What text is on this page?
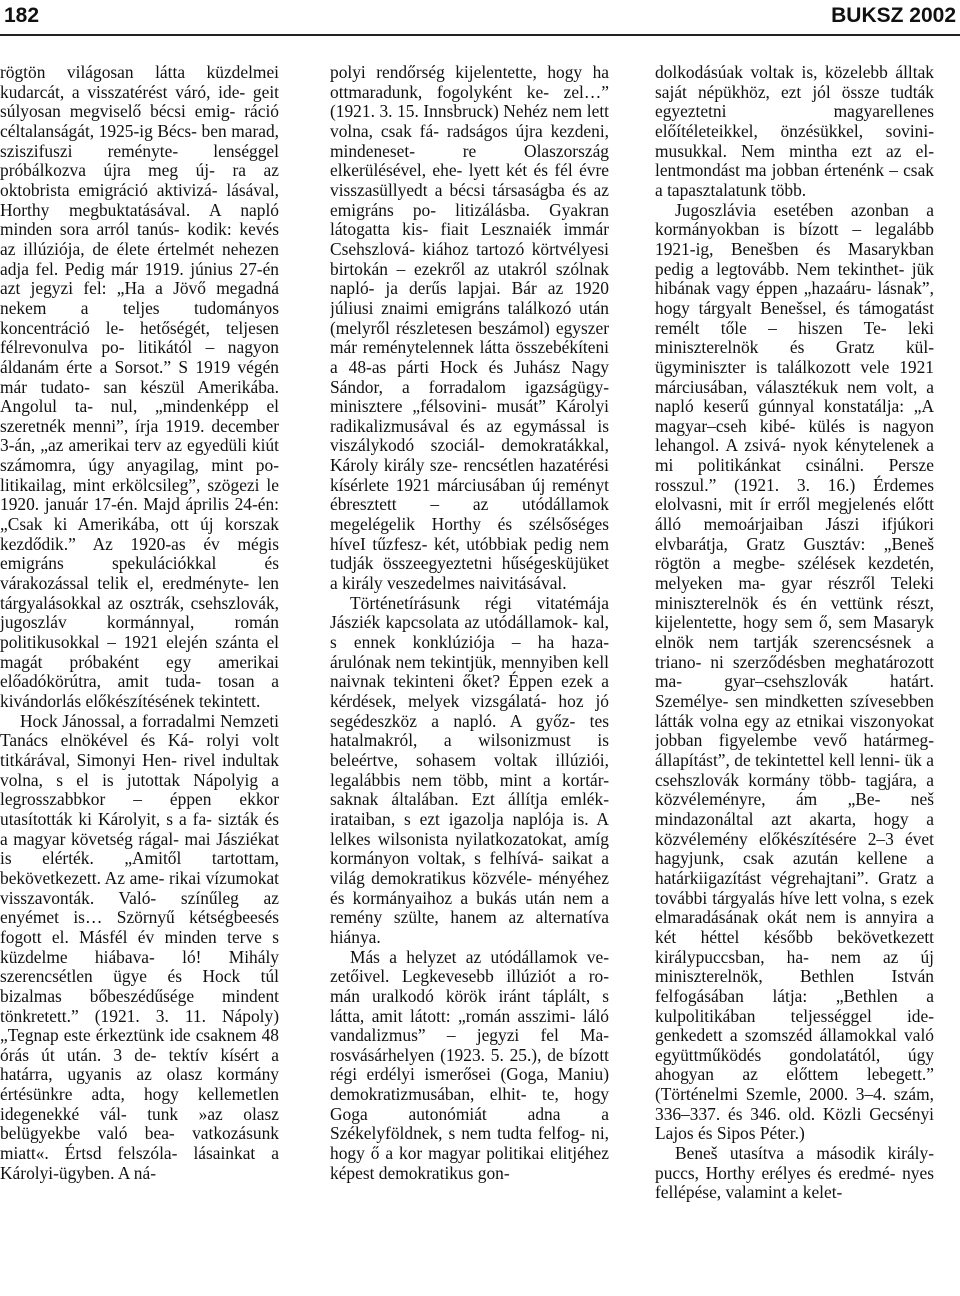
182	BUKSZ 2002

rögtön világosan látta küzdelmei kudarcát, a visszatérést váró, ide- geit súlyosan megviselő bécsi emig- ráció céltalanságát, 1925-ig Bécs- ben marad, sziszifuszi reményte- lenséggel próbálkozva újra meg új- ra az oktobrista emigráció aktivizá- lásával, Horthy megbuktatásával. A napló minden sora arról tanús- kodik: kevés az illúziója, de élete értelmét nehezen adja fel. Pedig már 1919. június 27-én azt jegyzi fel: „Ha a Jövő megadná nekem a teljes tudományos koncentráció le- hetőségét, teljesen félrevonulva po- litikától – nagyon áldanám érte a Sorsot.” S 1919 végén már tudato- san készül Amerikába. Angolul ta- nul, „mindenképp el szeretnék menni”, írja 1919. december 3-án, „az amerikai terv az egyedüli kiút számomra, úgy anyagilag, mint po- litikailag, mint erkölcsileg”, szögezi le 1920. január 17-én. Majd április 24-én: „Csak ki Amerikába, ott új korszak kezdődik.” Az 1920-as év mégis emigráns spekulációkkal és várakozással telik el, eredményte- len tárgyalásokkal az osztrák, csehszlovák, jugoszláv kormánnyal, román politikusokkal – 1921 elején szánta el magát próbaként egy amerikai előadókörútra, amit tuda- tosan a kivándorlás előkészítésének tekintett.

Hock Jánossal, a forradalmi Nemzeti Tanács elnökével és Ká- rolyi volt titkárával, Simonyi Hen- rivel indultak volna, s el is jutottak Nápolyig a legrosszabbkor – éppen ekkor utasították ki Károlyit, s a fa- sizták és a magyar követség rágal- mai Jásziékat is elérték. „Amitől tartottam, bekövetkezett. Az ame- rikai vízumokat visszavonták. Való- színűleg az enyémet is… Szörnyű kétségbeesés fogott el. Másfél év minden terve s küzdelme hiábava- ló! Mihály szerencsétlen ügye és Hock túl bizalmas bőbeszédűsége mindent tönkretett.” (1921. 3. 11. Nápoly) „Tegnap este érkeztünk ide csaknem 48 órás út után. 3 de- tektív kísért a határra, ugyanis az olasz kormány értésünkre adta, hogy kellemetlen idegenekké vál- tunk »az olasz belügyekbe való bea- vatkozásunk miatt«. Értsd felszóla- lásainkat a Károlyi-ügyben. A ná-

polyi rendőrség kijelentette, hogy ha ottmaradunk, fogolyként ke- zel…” (1921. 3. 15. Innsbruck) Nehéz nem lett volna, csak fá- radságos újra kezdeni, mindeneset- re Olaszország elkerülésével, ehe- lyett két és fél évre visszasüllyedt a bécsi társaságba és az emigráns po- litizálásba. Gyakran látogatta kis- fiait Lesznaiék immár Csehszlová- kiához tartozó körtvélyesi birtokán – ezekről az utakról szólnak napló- ja derűs lapjai. Bár az 1920 júliusi znaimi emigráns találkozó után (melyről részletesen beszámol) egyszer már reménytelennek látta összebékíteni a 48-as párti Hock és Juhász Nagy Sándor, a forradalom igazságügy-minisztere „félsovini- musát” Károlyi radikalizmusával és az egymással is viszálykodó szociál- demokratákkal, Károly király sze- rencsétlen hazatérési kísérlete 1921 márciusában új reményt ébresztett – az utódállamok megelégelik Horthy és szélsőséges híveI tűzfesz- két, utóbbiak pedig nem tudják összeegyeztetni hűségesküjüket a király veszedelmes naivitásával.

Történetírásunk régi vitatémája Jásziék kapcsolata az utódállamok- kal, s ennek konklúziója – ha haza- árulónak nem tekintjük, mennyiben kell naivnak tekinteni őket? Éppen ezek a kérdések, melyek vizsgálatá- hoz jó segédeszköz a napló. A győz- tes hatalmakról, a wilsonizmust is beleértve, sohasem voltak illúziói, legalábbis nem több, mint a kortár- saknak általában. Ezt állítja emlék- irataiban, s ezt igazolja naplója is. A lelkes wilsonista nyilatkozatokat, amíg kormányon voltak, s felhívá- saikat a világ demokratikus közvéle- ményéhez és kormányaihoz a bukás után nem a remény szülte, hanem az alternatíva hiánya.

Más a helyzet az utódállamok ve- zetőivel. Legkevesebb illúziót a ro- mán uralkodó körök iránt táplált, s látta, amit látott: „román asszimi- láló vandalizmus” – jegyzi fel Ma- rosvásárhelyen (1923. 5. 25.), de bízott régi erdélyi ismerősei (Goga, Maniu) demokratizmusában, elhit- te, hogy Goga autonómiát adna a Székelyföldnek, s nem tudta felfog- ni, hogy ő a kor magyar politikai elitjéhez képest demokratikus gon-

dolkodásúak voltak is, közelebb álltak saját népükhöz, ezt jól össze tudták egyeztetni magyarellenes előítéleteikkel, önzésükkel, sovini- musukkal. Nem mintha ezt az el- lentmondást ma jobban értenénk – csak a tapasztalatunk több.

Jugoszlávia esetében azonban a kormányokban is bízott – legalább 1921-ig, Benešben és Masarykban pedig a legtovább. Nem tekinthet- jük hibának vagy éppen „hazaáru- lásnak”, hogy tárgyalt Benešsel, és támogatást remélt tőle – hiszen Te- leki miniszterelnök és Gratz kül- ügyminiszter is találkozott vele 1921 márciusában, választékuk nem volt, a napló keserű gúnnyal konstatálja: „A magyar–cseh kibé- külés is nagyon lehangol. A zsivá- nyok kénytelenek a mi politikánkat csinálni. Persze rosszul.” (1921. 3. 16.) Érdemes elolvasni, mit ír erről megjelenés előtt álló memoárjaiban Jászi ifjúkori elvbarátja, Gratz Gusztáv: „Beneš rögtön a megbe- szélések kezdetén, melyeken ma- gyar részről Teleki miniszterelnök és én vettünk részt, kijelentette, hogy sem ő, sem Masaryk elnök nem tartják szerencsésnek a triano- ni szerződésben meghatározott ma- gyar–csehszlovák határt. Személye- sen mindketten szívesebben látták volna egy az etnikai viszonyokat jobban figyelembe vevő határmeg- állapítást”, de tekintettel kell lenni- ük a csehszlovák kormány több- tagjára, a közvéleményre, ám „Be- neš mindazonáltal azt akarta, hogy a közvélemény előkészítésére 2–3 évet hagyjunk, csak azután kellene a határkiigazítást végrehajtani”. Gratz a további tárgyalás híve lett volna, s ezek elmaradásának okát nem is annyira a két héttel később bekövetkezett királypuccsban, ha- nem az új miniszterelnök, Bethlen István felfogásában látja: „Bethlen a kulpolitikában teljességgel ide- genkedett a szomszéd államokkal való együttműködés gondolatától, úgy ahogyan az előttem lebegett.” (Történelmi Szemle, 2000. 3–4. szám, 336–337. és 346. old. Közli Gecsényi Lajos és Sipos Péter.)

Beneš utasítva a második király- puccs, Horthy erélyes és eredmé- nyes fellépése, valamint a kelet-
